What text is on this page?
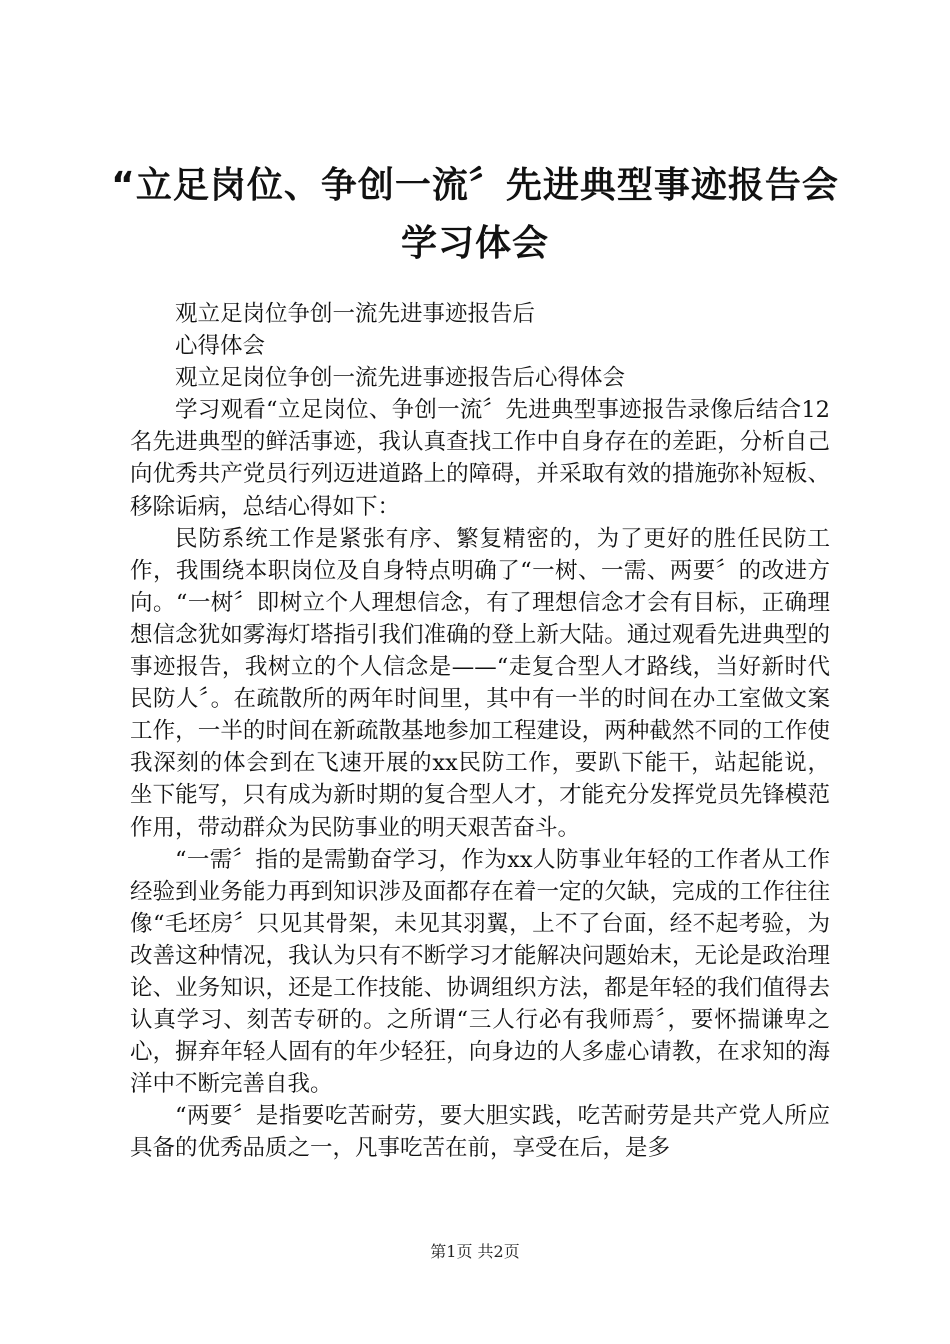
“立足岗位、争创一流〞先进典型事迹报告会
学习体会

观立足岗位争创一流先进事迹报告后

心得体会

观立足岗位争创一流先进事迹报告后心得体会

学习观看“立足岗位、争创一流〞先进典型事迹报告录像后结合12名先进典型的鲜活事迹，我认真查找工作中自身存在的差距，分析自己向优秀共产党员行列迈进道路上的障碍，并采取有效的措施弥补短板、移除诟病，总结心得如下：

民防系统工作是紧张有序、繁复精密的，为了更好的胜任民防工作，我围绕本职岗位及自身特点明确了“一树、一需、两要〞的改进方向。“一树〞即树立个人理想信念，有了理想信念才会有目标，正确理想信念犹如雾海灯塔指引我们准确的登上新大陆。通过观看先进典型的事迹报告，我树立的个人信念是——“走复合型人才路线，当好新时代民防人〞。在疏散所的两年时间里，其中有一半的时间在办工室做文案工作，一半的时间在新疏散基地参加工程建设，两种截然不同的工作使我深刻的体会到在飞速开展的xx民防工作，要趴下能干，站起能说，坐下能写，只有成为新时期的复合型人才，才能充分发挥党员先锋模范作用，带动群众为民防事业的明天艰苦奋斗。

“一需〞指的是需勤奋学习，作为xx人防事业年轻的工作者从工作经验到业务能力再到知识涉及面都存在着一定的欠缺，完成的工作往往像“毛坯房〞只见其骨架，未见其羽翼，上不了台面，经不起考验，为改善这种情况，我认为只有不断学习才能解决问题始末，无论是政治理论、业务知识，还是工作技能、协调组织方法，都是年轻的我们值得去认真学习、刻苦专研的。之所谓“三人行必有我师焉〞，要怀揣谦卑之心，摒弃年轻人固有的年少轻狂，向身边的人多虚心请教，在求知的海洋中不断完善自我。

“两要〞是指要吃苦耐劳，要大胆实践，吃苦耐劳是共产党人所应具备的优秀品质之一，凡事吃苦在前，享受在后，是多

第1页 共2页
